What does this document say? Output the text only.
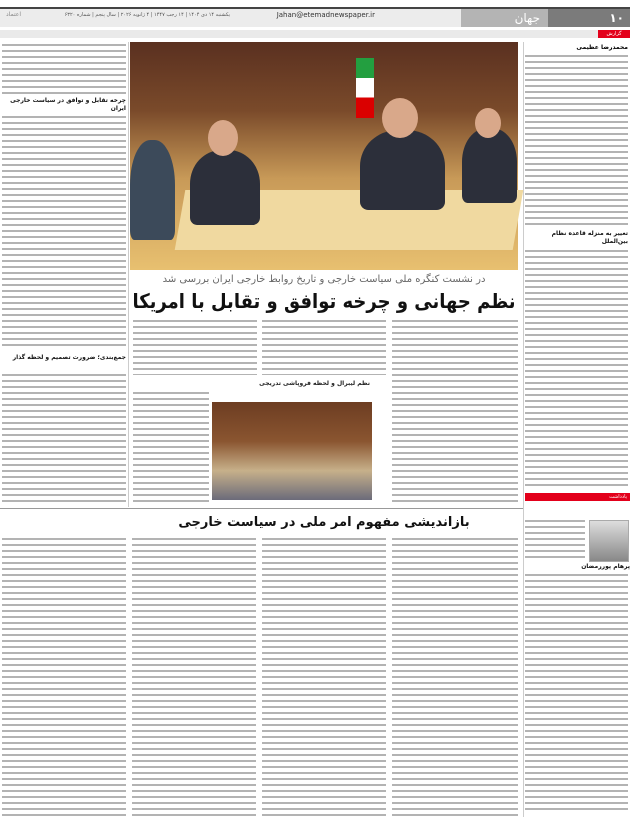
۱۰
جهان
Jahan@etemadnewspaper.ir
یکشنبه ۱۴ دی ۱۴۰۴ | ۱۴ رجب ۱۴۴۷ | ۴ ژانویه ۲۰۲۶ | سال پنجم | شماره ۶۳۲۰
اعتماد
گزارش
محمدرضا عظیمی
تغییر به منزله قاعده نظام بین‌الملل
یادداشت
پرهام پوررمضان
در نشست کنگره ملی سیاست خارجی و تاریخ روابط خارجی ایران بررسی شد
چرخه تقابل و توافق در سیاست خارجی ایران
جمع‌بندی؛ ضرورت تصمیم و لحظه گذار
نظم لیبرال و لحظه فروپاشی تدریجی
نظم جهانی و چرخه توافق و تقابل با امریکا
بازاندیشی مفهوم امر ملی در سیاست خارجی
